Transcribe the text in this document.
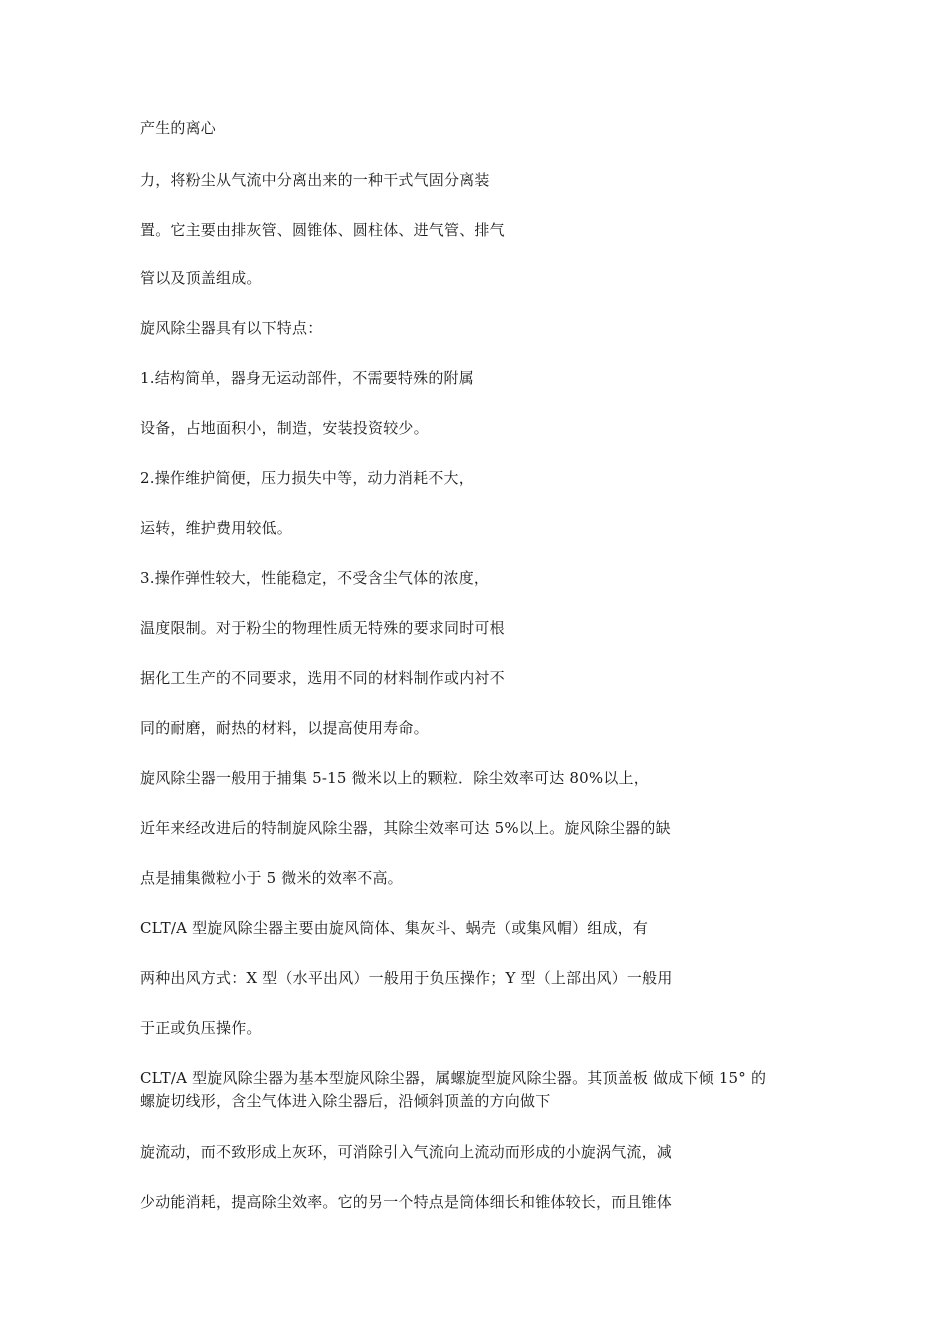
产生的离心

力，将粉尘从气流中分离出来的一种干式气固分离装

置。它主要由排灰管、圆锥体、圆柱体、进气管、排气

管以及顶盖组成。

旋风除尘器具有以下特点：

1.结构简单，器身无运动部件，不需要特殊的附属

设备，占地面积小，制造，安装投资较少。

2.操作维护简便，压力损失中等，动力消耗不大，

运转，维护费用较低。

3.操作弹性较大，性能稳定，不受含尘气体的浓度，

温度限制。对于粉尘的物理性质无特殊的要求同时可根

据化工生产的不同要求，选用不同的材料制作或内衬不

同的耐磨，耐热的材料，以提高使用寿命。

旋风除尘器一般用于捕集 5-15 微米以上的颗粒．除尘效率可达 80%以上，

近年来经改进后的特制旋风除尘器，其除尘效率可达 5%以上。旋风除尘器的缺

点是捕集微粒小于 5 微米的效率不高。

CLT/A 型旋风除尘器主要由旋风筒体、集灰斗、蜗壳（或集风帽）组成，有

两种出风方式：X 型（水平出风）一般用于负压操作；Y 型（上部出风）一般用

于正或负压操作。

CLT/A 型旋风除尘器为基本型旋风除尘器，属螺旋型旋风除尘器。其顶盖板 做成下倾 15° 的

螺旋切线形，含尘气体进入除尘器后，沿倾斜顶盖的方向做下

旋流动，而不致形成上灰环，可消除引入气流向上流动而形成的小旋涡气流，减

少动能消耗，提高除尘效率。它的另一个特点是筒体细长和锥体较长，而且锥体
